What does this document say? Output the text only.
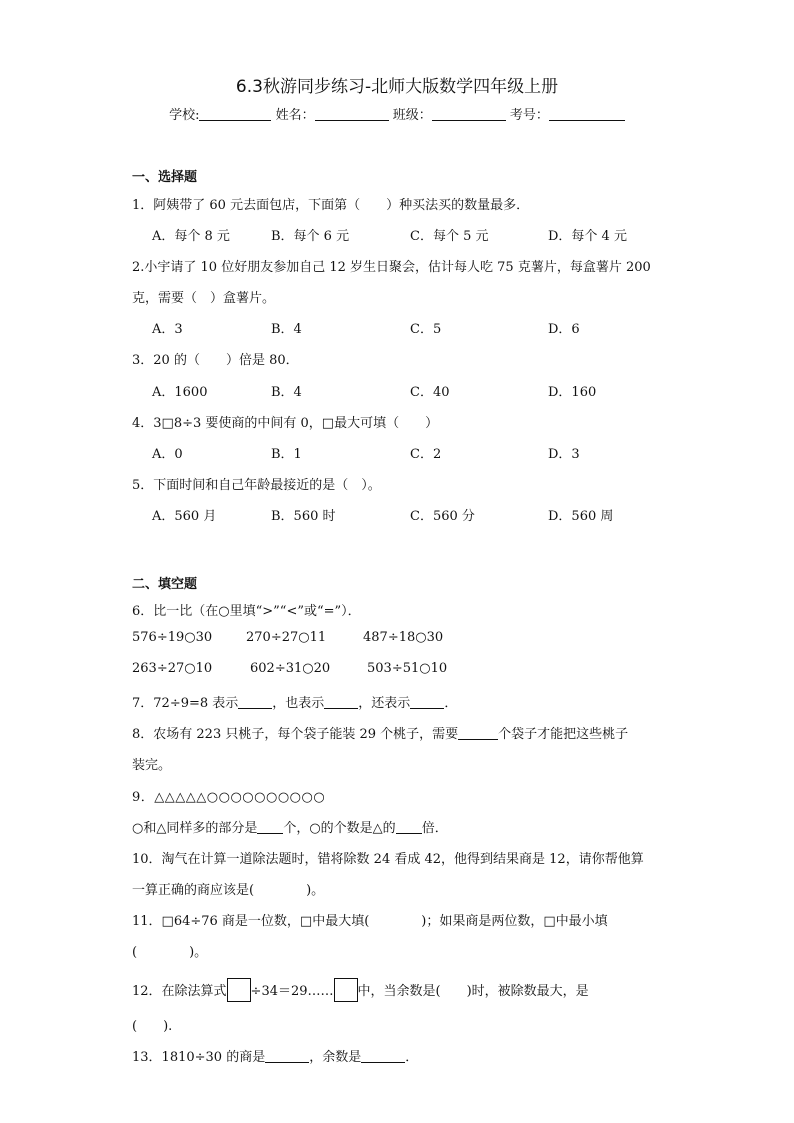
6.3秋游同步练习-北师大版数学四年级上册
学校:	姓名：	班级：	考号：
一、选择题
1．阿姨带了 60 元去面包店，下面第（　　）种买法买的数量最多．
A．每个 8 元	B．每个 6 元	C．每个 5 元	D．每个 4 元
2.小宇请了 10 位好朋友参加自己 12 岁生日聚会，估计每人吃 75 克薯片，每盒薯片 200
克，需要（　）盒薯片。
A．3	B．4	C．5	D．6
3．20 的（　　）倍是 80．
A．1600	B．4	C．40	D．160
4．3□8÷3 要使商的中间有 0，□最大可填（　　）
A．0	B．1	C．2	D．3
5．下面时间和自己年龄最接近的是（　）。
A．560 月	B．560 时	C．560 分	D．560 周
二、填空题
6．比一比（在○里填“>”“<”或“=”）．
576÷19○30	270÷27○11	487÷18○30
263÷27○10	602÷31○20	503÷51○10
7．72÷9=8 表示	，也表示	，还表示	．
8．农场有 223 只桃子，每个袋子能装 29 个桃子，需要	个袋子才能把这些桃子
装完。
9．△△△△△○○○○○○○○○○
○和△同样多的部分是 个，○的个数是△的 倍．
10．淘气在计算一道除法题时，错将除数 24 看成 42，他得到结果商是 12，请你帮他算
一算正确的商应该是(　　　　)。
11．□64÷76 商是一位数，□中最大填(　　　　)；如果商是两位数，□中最小填
(　　　　)。
12．在除法算式 ÷34＝29…… 中，当余数是(　　)时，被除数最大，是
(　　).
13．1810÷30 的商是	，余数是	．
